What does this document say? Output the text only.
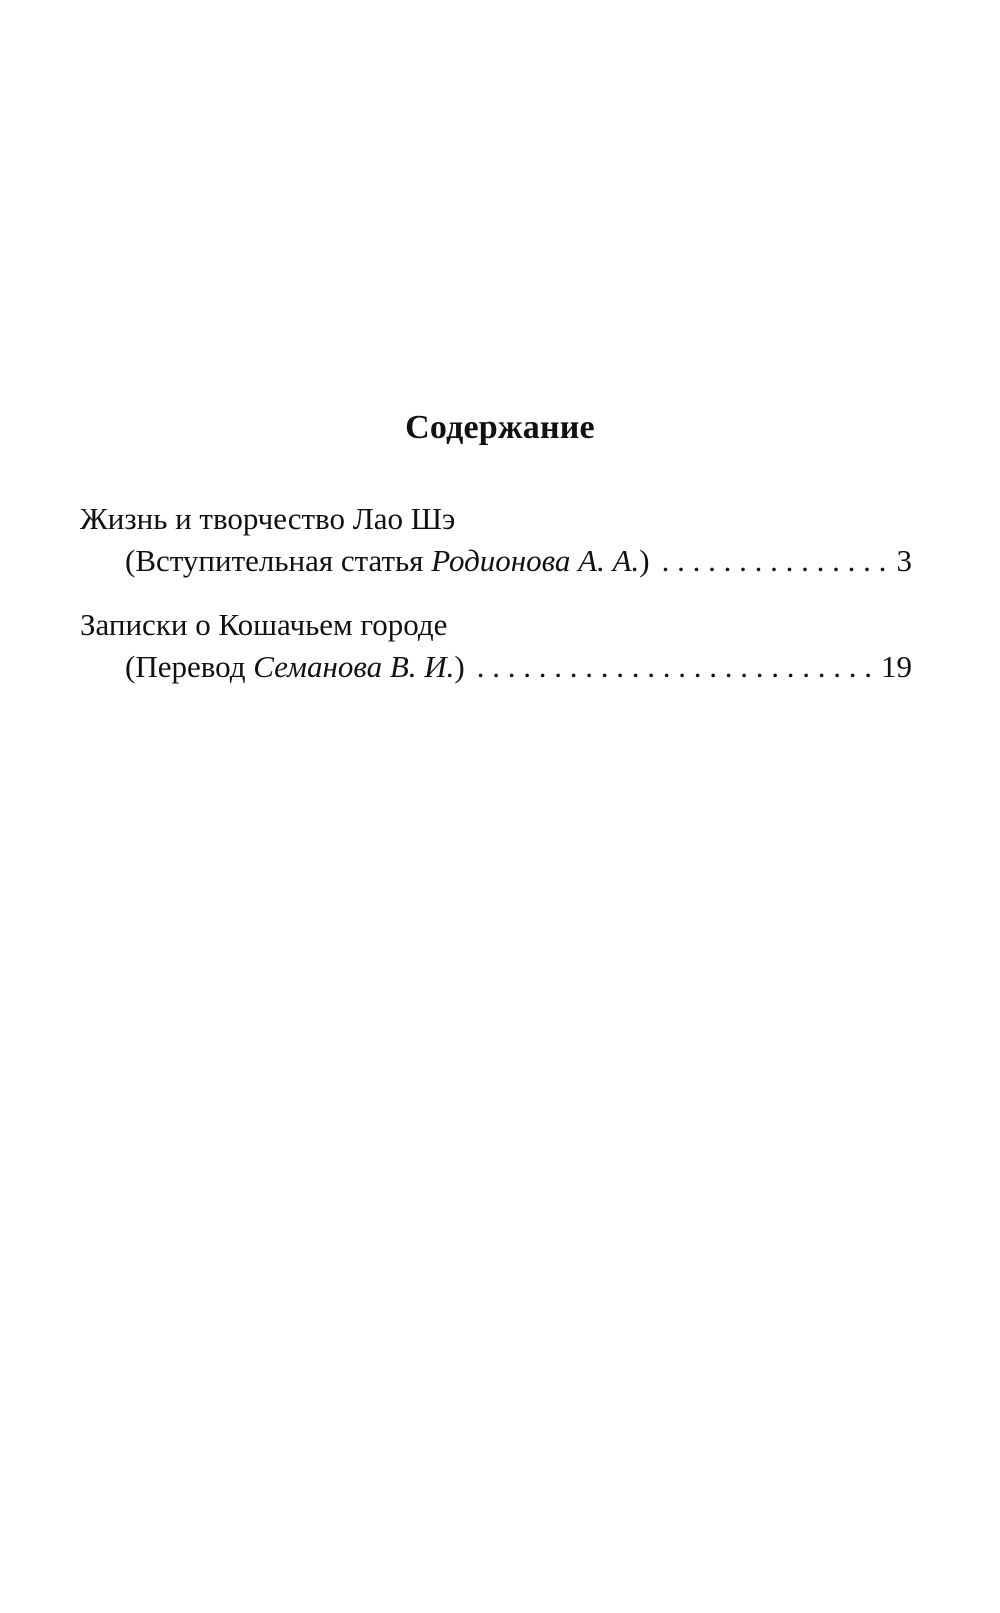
Содержание
Жизнь и творчество Лао Шэ
(Вступительная статья Родионова А. А.) . . .	3
Записки о Кошачьем городе
(Перевод Семанова В. И.) . . .	19
